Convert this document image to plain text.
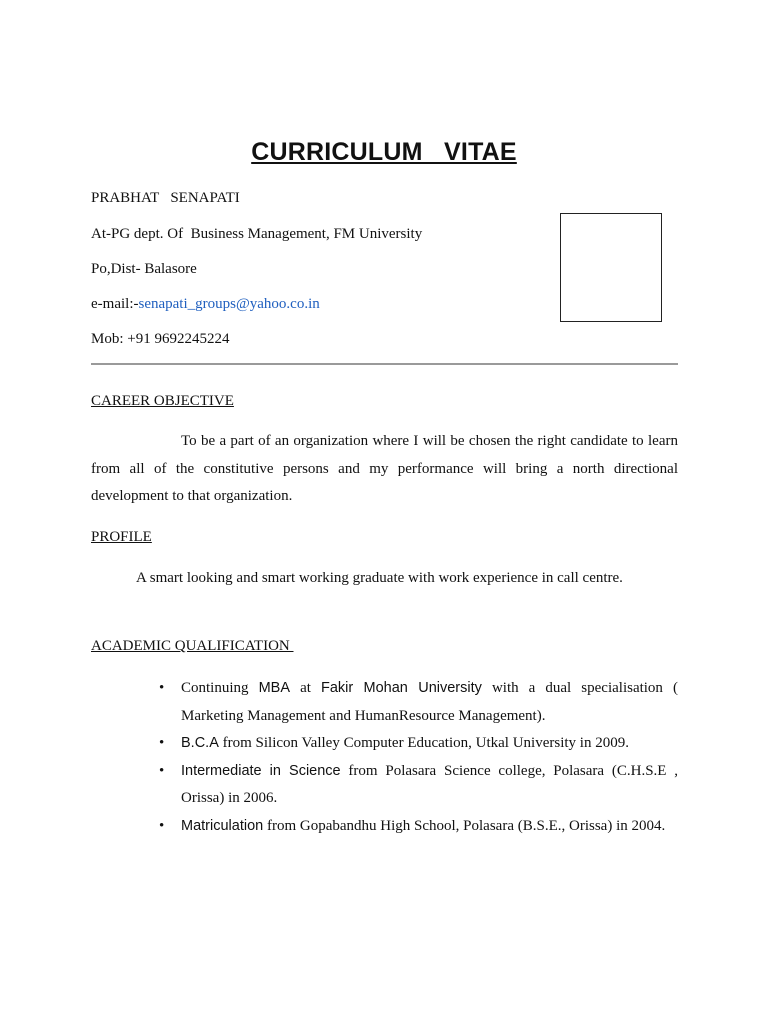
CURRICULUM   VITAE
PRABHAT   SENAPATI
At-PG dept. Of  Business Management, FM University
Po,Dist- Balasore
e-mail:-senapati_groups@yahoo.co.in
Mob: +91 9692245224
CAREER OBJECTIVE
To be a part of an organization where I will be chosen the right candidate to learn from all of the constitutive persons and my performance will bring a north directional development to that organization.
PROFILE
A smart looking and smart working graduate with work experience in call centre.
ACADEMIC QUALIFICATION
• Continuing MBA at Fakir Mohan University with a dual specialisation ( Marketing Management and HumanResource Management).
• B.C.A from Silicon Valley Computer Education, Utkal University in 2009.
• Intermediate in Science from Polasara Science college, Polasara (C.H.S.E , Orissa) in 2006.
• Matriculation from Gopabandhu High School, Polasara (B.S.E., Orissa) in 2004.
